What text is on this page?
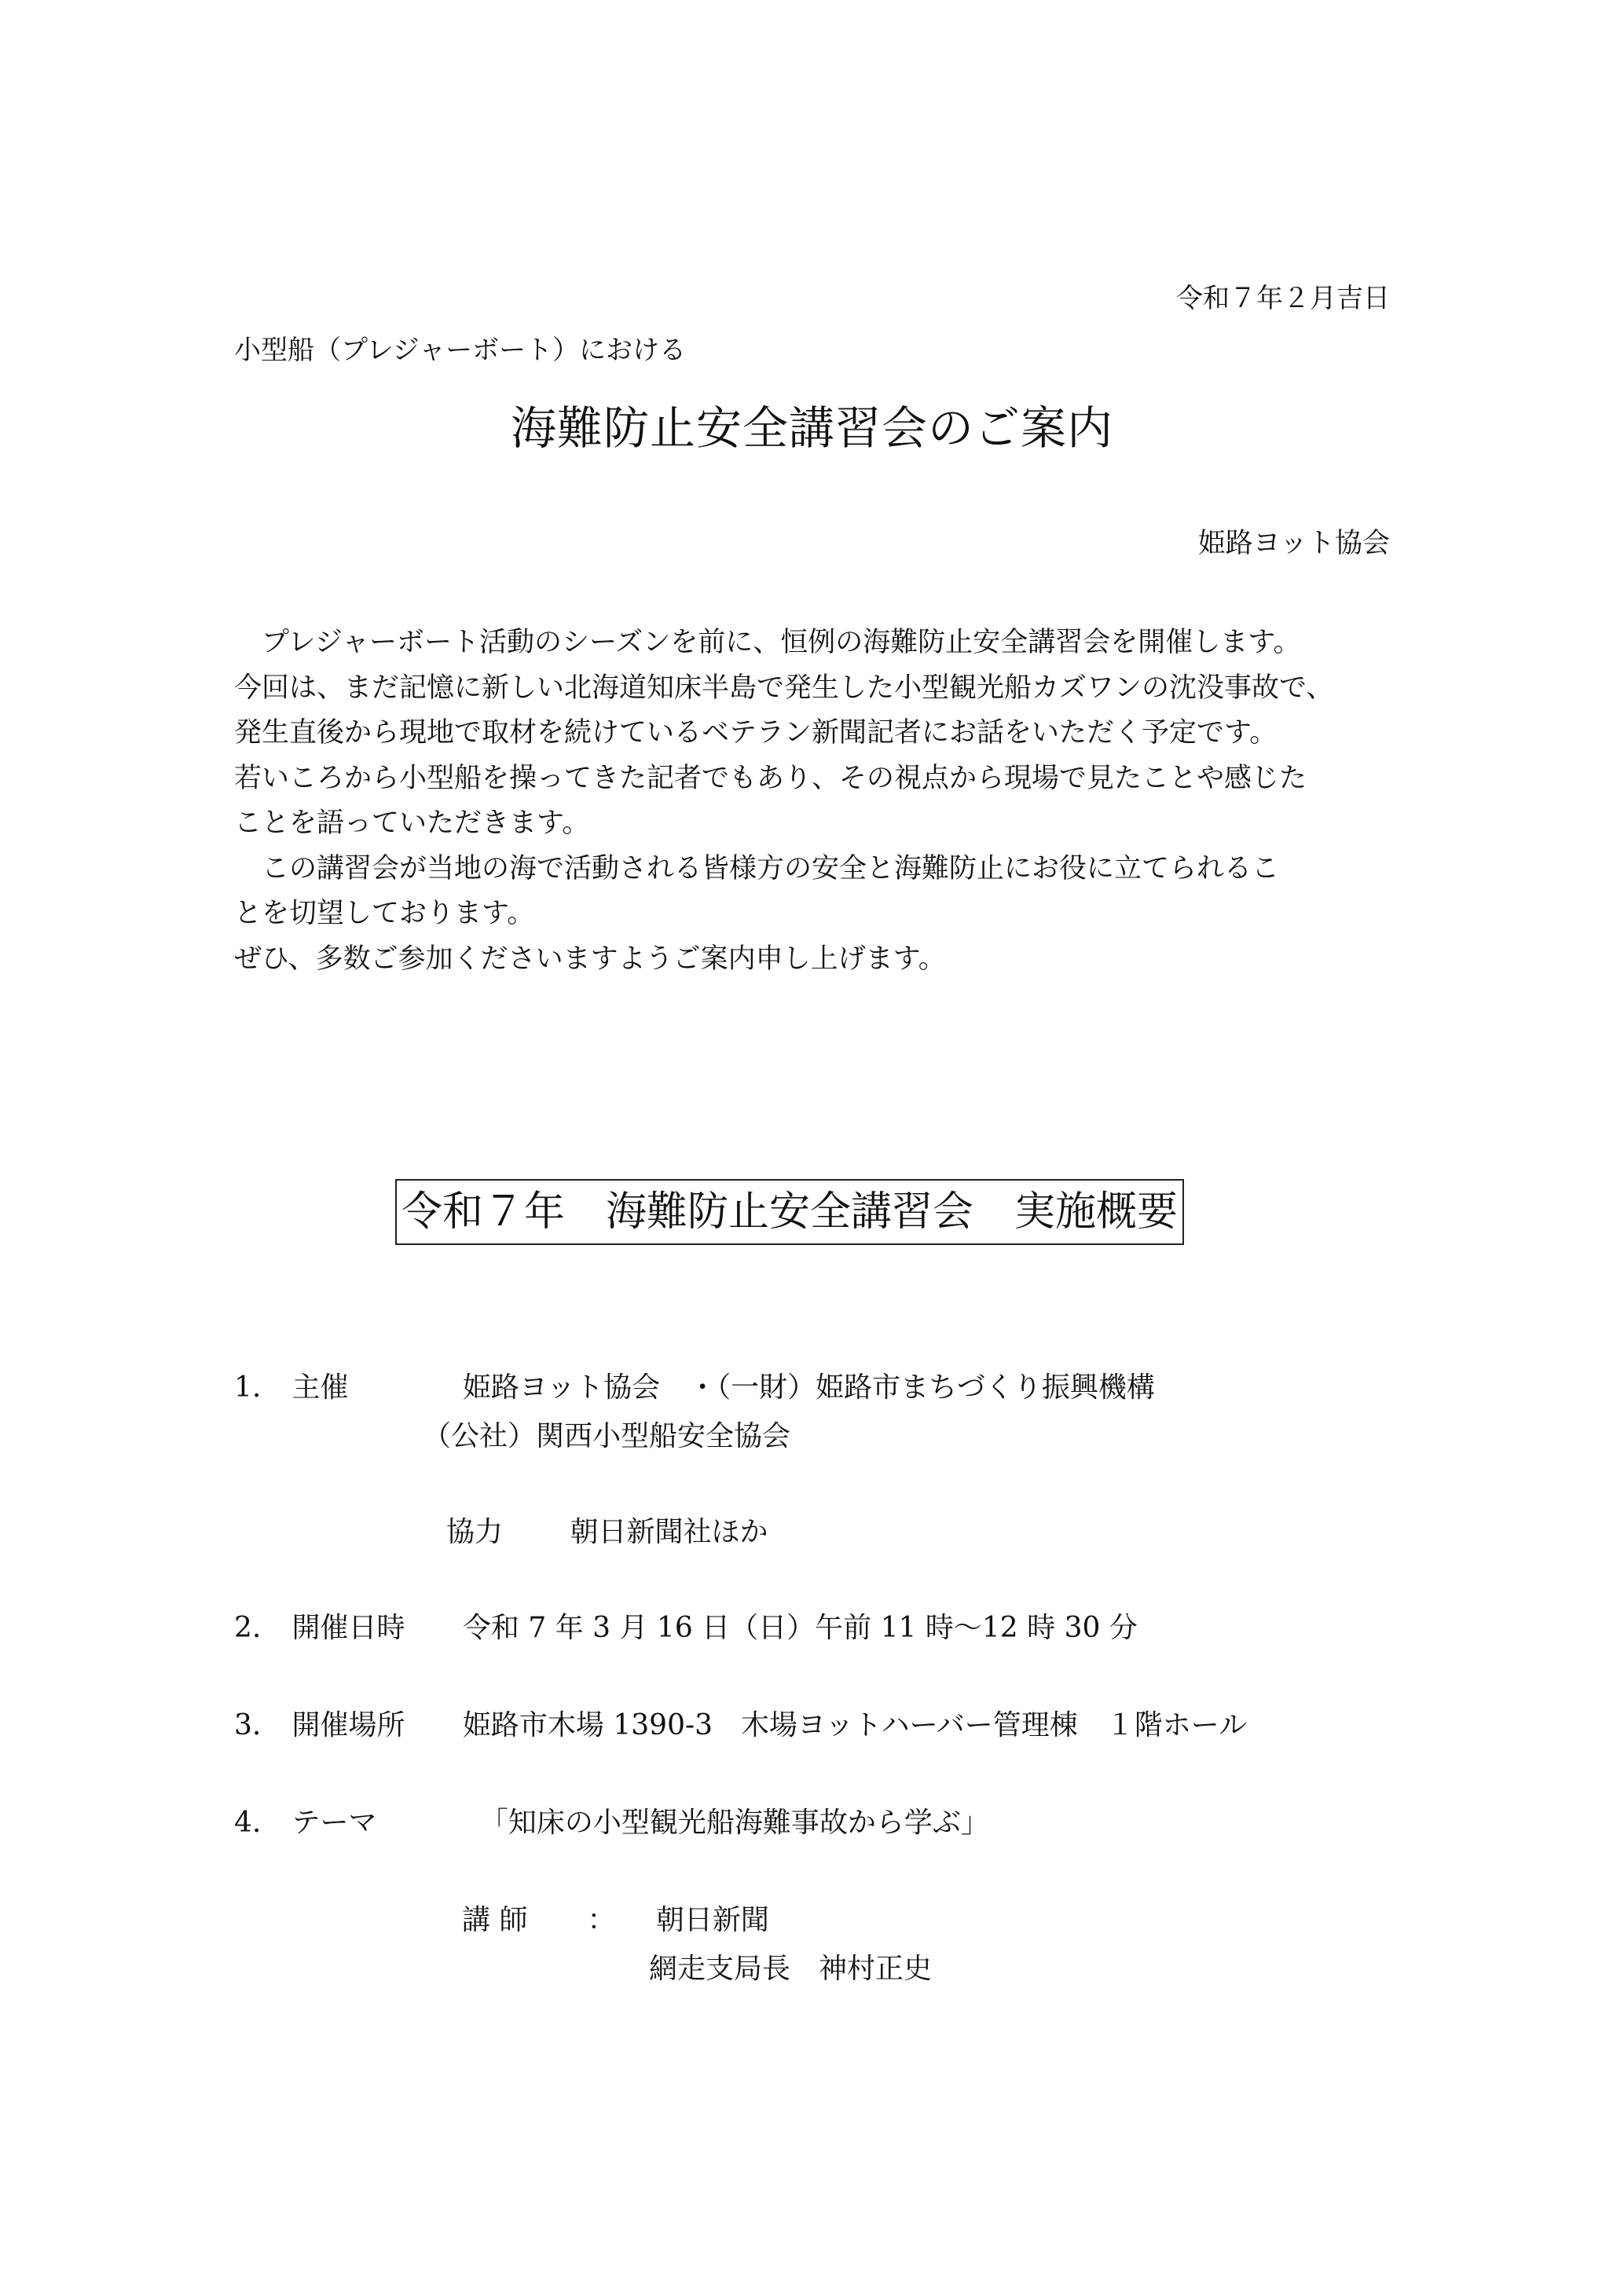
令和７年２月吉日
小型船（プレジャーボート）における
海難防止安全講習会のご案内
姫路ヨット協会

　プレジャーボート活動のシーズンを前に、恒例の海難防止安全講習会を開催します。

今回は、まだ記憶に新しい北海道知床半島で発生した小型観光船カズワンの沈没事故で、

発生直後から現地で取材を続けているベテラン新聞記者にお話をいただく予定です。

若いころから小型船を操ってきた記者でもあり、その視点から現場で見たことや感じた

ことを語っていただきます。

　この講習会が当地の海で活動される皆様方の安全と海難防止にお役に立てられるこ

とを切望しております。

ぜひ、多数ご参加くださいますようご案内申し上げます。

令和７年　海難防止安全講習会　実施概要
1. 主催	姫路ヨット協会　・（一財）姫路市まちづくり振興機構
（公社）関西小型船安全協会
協力 朝日新聞社ほか
2. 開催日時 令和 7 年 3 月 16 日（日）午前 11 時～12 時 30 分
3. 開催場所 姫路市木場 1390‐3　木場ヨットハーバー管理棟　１階ホール
4. テーマ	「知床の小型観光船海難事故から学ぶ」
講 師 ： 朝日新聞
網走支局長　神村正史
